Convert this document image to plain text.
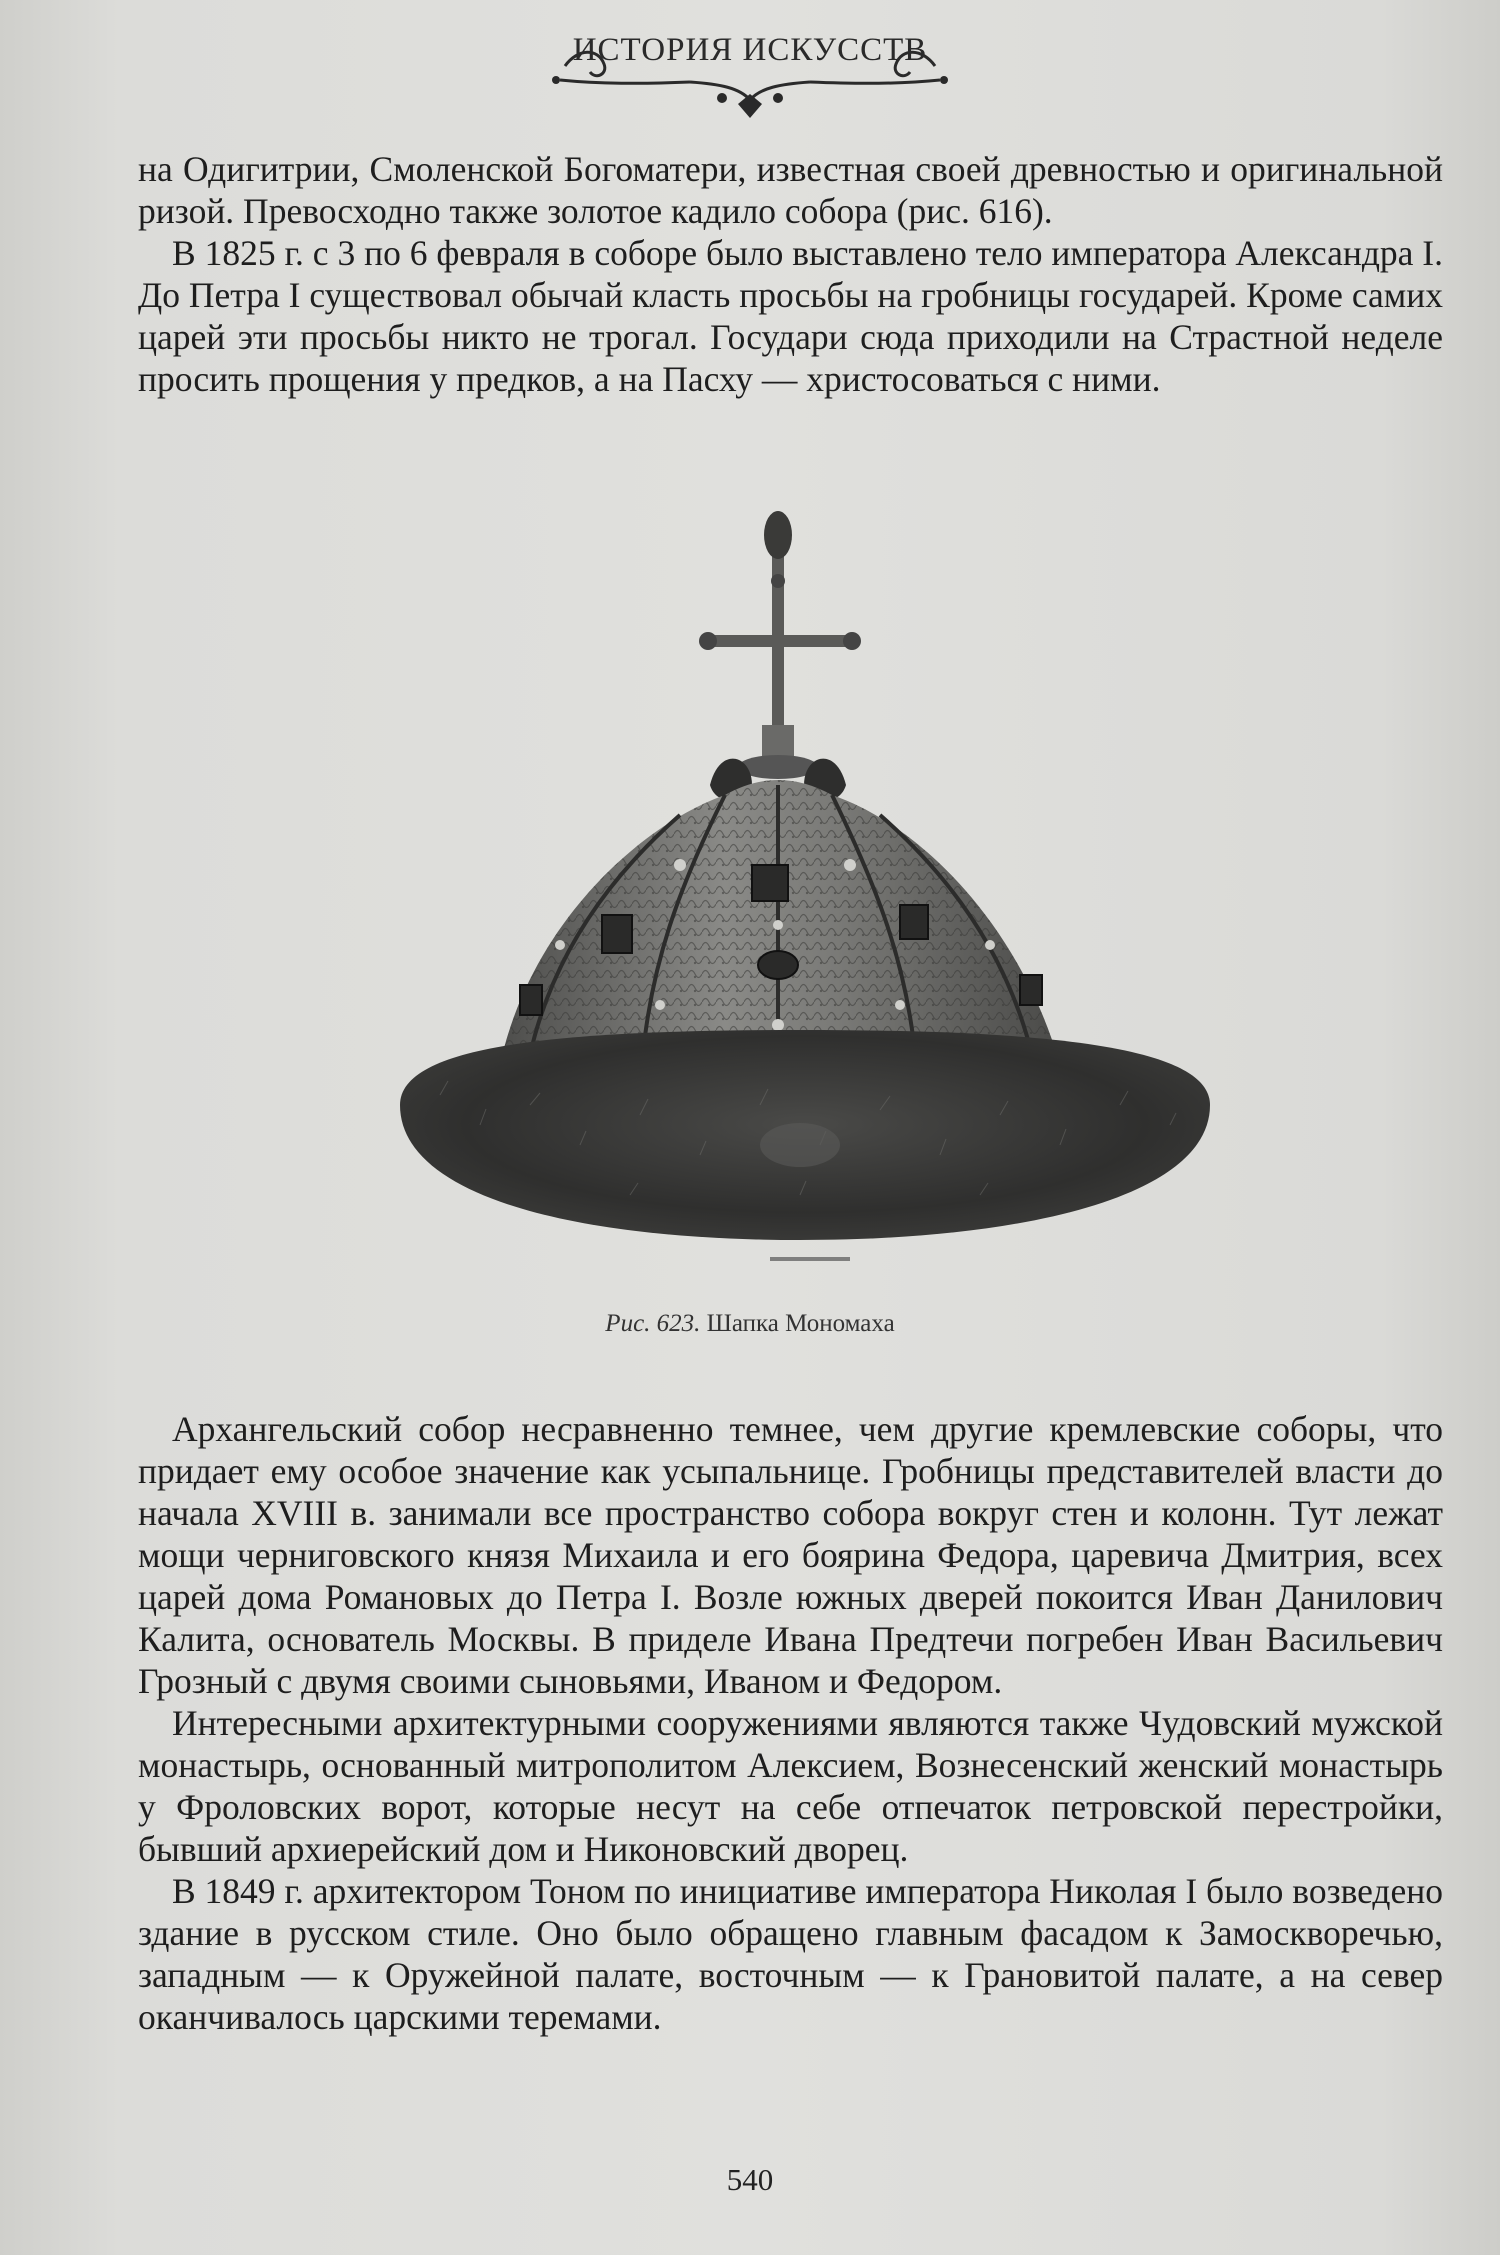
ИСТОРИЯ ИСКУССТВ

на Одигитрии, Смоленской Богоматери, известная своей древностью и оригинальной ризой. Превосходно также золотое кадило собора (рис. 616).

В 1825 г. с 3 по 6 февраля в соборе было выставлено тело императора Александра I. До Петра I существовал обычай класть просьбы на гробницы государей. Кроме самих царей эти просьбы никто не трогал. Государи сюда приходили на Страстной неделе просить прощения у предков, а на Пасху — христосоваться с ними.

Рис. 623. Шапка Мономаха

Архангельский собор несравненно темнее, чем другие кремлевские соборы, что придает ему особое значение как усыпальнице. Гробницы представителей власти до начала XVIII в. занимали все пространство собора вокруг стен и колонн. Тут лежат мощи черниговского князя Михаила и его боярина Федора, царевича Дмитрия, всех царей дома Романовых до Петра I. Возле южных дверей покоится Иван Данилович Калита, основатель Москвы. В приделе Ивана Предтечи погребен Иван Васильевич Грозный с двумя своими сыновьями, Иваном и Федором.

Интересными архитектурными сооружениями являются также Чудовский мужской монастырь, основанный митрополитом Алексием, Вознесенский женский монастырь у Фроловских ворот, которые несут на себе отпечаток петровской перестройки, бывший архиерейский дом и Никоновский дворец.

В 1849 г. архитектором Тоном по инициативе императора Николая I было возведено здание в русском стиле. Оно было обращено главным фасадом к Замоскворечью, западным — к Оружейной палате, восточным — к Грановитой палате, а на север оканчивалось царскими теремами.

540
